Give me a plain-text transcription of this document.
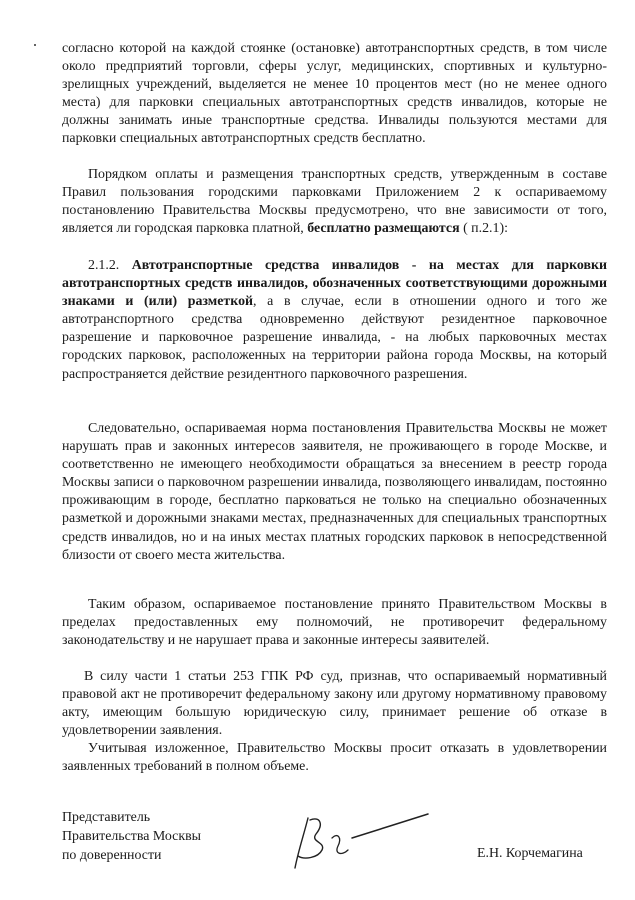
согласно которой на каждой стоянке (остановке) автотранспортных средств, в том числе около предприятий торговли, сферы услуг, медицинских, спортивных и культурно-зрелищных учреждений, выделяется не менее 10 процентов мест (но не менее одного места) для парковки специальных автотранспортных средств инвалидов, которые не должны занимать иные транспортные средства. Инвалиды пользуются местами для парковки специальных автотранспортных средств бесплатно.

Порядком оплаты и размещения транспортных средств, утвержденным в составе Правил пользования городскими парковками Приложением 2 к оспариваемому постановлению Правительства Москвы предусмотрено, что вне зависимости от того, является ли городская парковка платной, бесплатно размещаются ( п.2.1):

2.1.2. Автотранспортные средства инвалидов - на местах для парковки автотранспортных средств инвалидов, обозначенных соответствующими дорожными знаками и (или) разметкой, а в случае, если в отношении одного и того же автотранспортного средства одновременно действуют резидентное парковочное разрешение и парковочное разрешение инвалида, - на любых парковочных местах городских парковок, расположенных на территории района города Москвы, на который распространяется действие резидентного парковочного разрешения.

Следовательно, оспариваемая норма постановления Правительства Москвы не может нарушать прав и законных интересов заявителя, не проживающего в городе Москве, и соответственно не имеющего необходимости обращаться за внесением в реестр города Москвы записи о парковочном разрешении инвалида, позволяющего инвалидам, постоянно проживающим в городе, бесплатно парковаться не только на специально обозначенных разметкой и дорожными знаками местах, предназначенных для специальных транспортных средств инвалидов, но и на иных местах платных городских парковок в непосредственной близости от своего места жительства.

Таким образом, оспариваемое постановление принято Правительством Москвы в пределах предоставленных ему полномочий, не противоречит федеральному законодательству и не нарушает права и законные интересы заявителей.

В силу части 1 статьи 253 ГПК РФ суд, признав, что оспариваемый нормативный правовой акт не противоречит федеральному закону или другому нормативному правовому акту, имеющим большую юридическую силу, принимает решение об отказе в удовлетворении заявления.

Учитывая изложенное, Правительство Москвы просит отказать в удовлетворении заявленных требований в полном объеме.

Представитель
Правительства Москвы
по доверенности	Е.Н. Корчемагина
